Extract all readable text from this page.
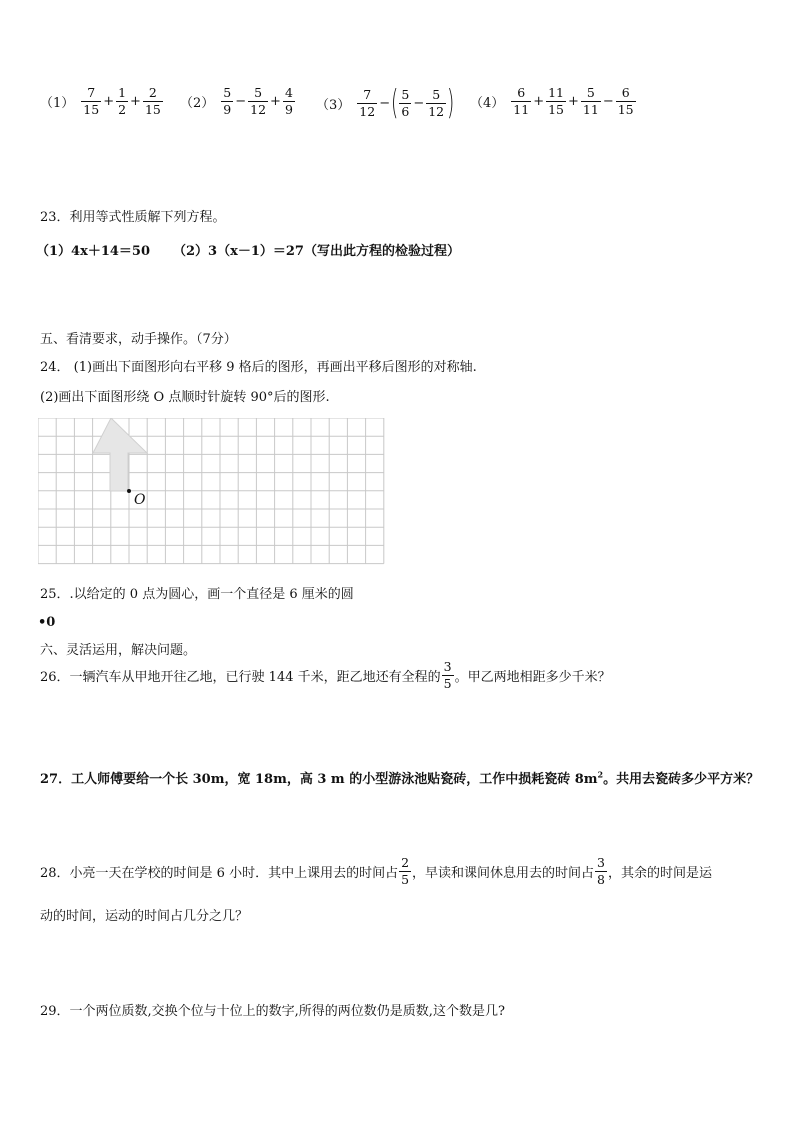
$(1) \frac{7}{15} + \frac{1}{2} + \frac{2}{15} (2) \frac{5}{9} - \frac{5}{12} + \frac{4}{9} (3) \frac{7}{12}$ − ( $\frac{5}{6} - \frac{5}{12}$ ) $(4) \frac{6}{11} + \frac{11}{15} + \frac{5}{11} - \frac{6}{15}$
23．利用等式性质解下列方程。
（1）4x＋14＝50 （2）3（x－1）＝27（写出此方程的检验过程）
五、看清要求，动手操作。（7分）
24． (1)画出下面图形向右平移 9 格后的图形，再画出平移后图形的对称轴.
(2)画出下面图形绕 O 点顺时针旋转 90°后的图形.
O
25．.以给定的 0 点为圆心，画一个直径是 6 厘米的圆
•0
六、灵活运用，解决问题。
26．一辆汽车从甲地开往乙地，已行驶 144 千米，距乙地还有全程的 $\frac{3}{5}$ 。甲乙两地相距多少千米？
27．工人师傅要给一个长 30m，宽 18m，高 3 m 的小型游泳池贴瓷砖，工作中损耗瓷砖 $8m^2$。共用去瓷砖多少平方米？
28．小亮一天在学校的时间是 6 小时．其中上课用去的时间占 $\frac{2}{5}$ ，早读和课间休息用去的时间占 $\frac{3}{8}$ ，其余的时间是运
动的时间，运动的时间占几分之几？
29．一个两位质数,交换个位与十位上的数字,所得的两位数仍是质数,这个数是几?
